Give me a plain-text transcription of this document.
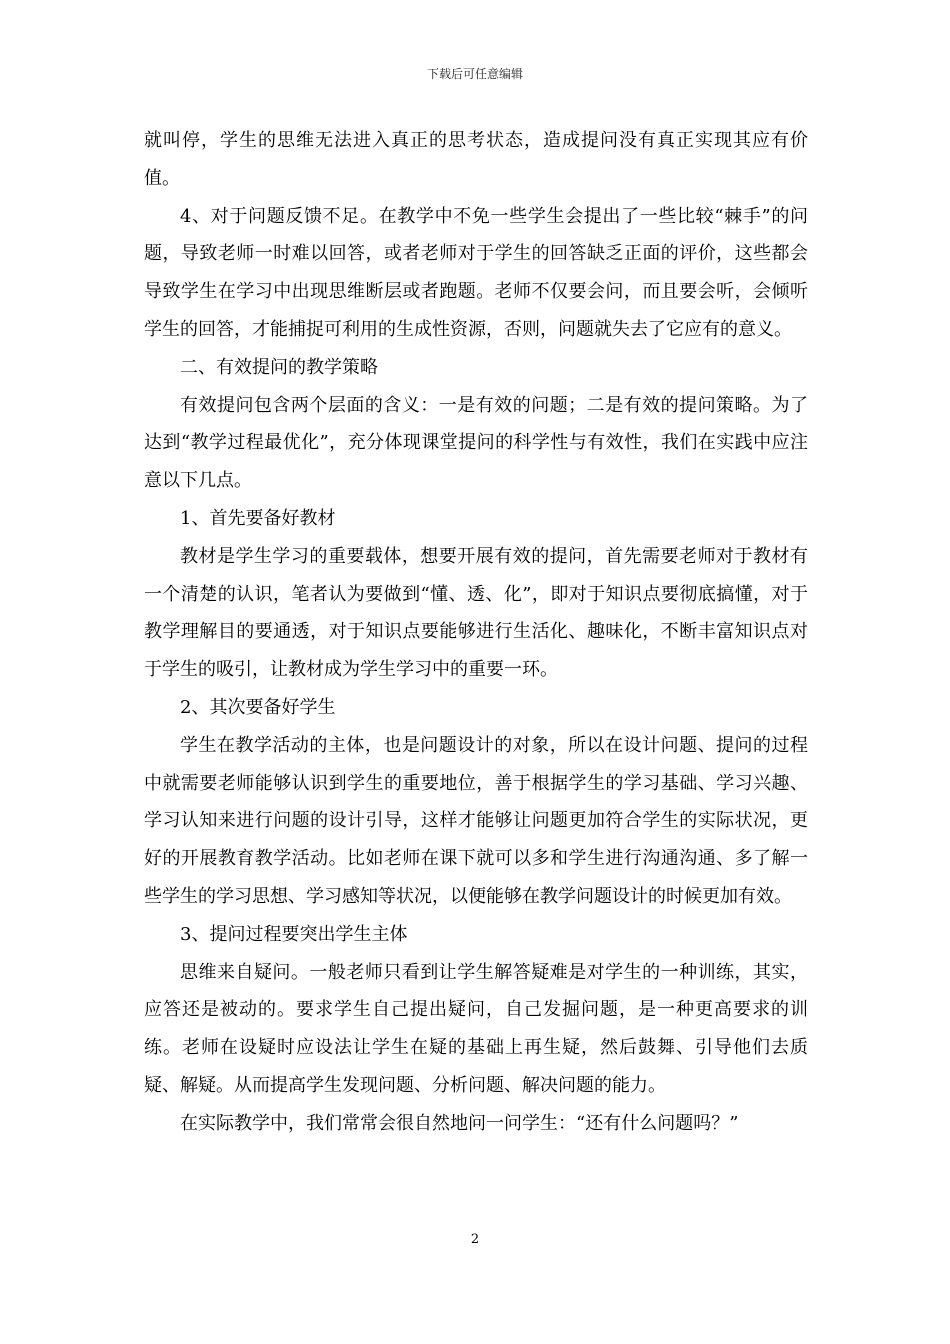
下载后可任意编辑

就叫停，学生的思维无法进入真正的思考状态，造成提问没有真正实现其应有价值。

4、对于问题反馈不足。在教学中不免一些学生会提出了一些比较“棘手”的问题，导致老师一时难以回答，或者老师对于学生的回答缺乏正面的评价，这些都会导致学生在学习中出现思维断层或者跑题。老师不仅要会问，而且要会听，会倾听学生的回答，才能捕捉可利用的生成性资源，否则，问题就失去了它应有的意义。

二、有效提问的教学策略

有效提问包含两个层面的含义：一是有效的问题；二是有效的提问策略。为了达到“教学过程最优化”，充分体现课堂提问的科学性与有效性，我们在实践中应注意以下几点。

1、首先要备好教材

教材是学生学习的重要载体，想要开展有效的提问，首先需要老师对于教材有一个清楚的认识，笔者认为要做到“懂、透、化”，即对于知识点要彻底搞懂，对于教学理解目的要通透，对于知识点要能够进行生活化、趣味化，不断丰富知识点对于学生的吸引，让教材成为学生学习中的重要一环。

2、其次要备好学生

学生在教学活动的主体，也是问题设计的对象，所以在设计问题、提问的过程中就需要老师能够认识到学生的重要地位，善于根据学生的学习基础、学习兴趣、学习认知来进行问题的设计引导，这样才能够让问题更加符合学生的实际状况，更好的开展教育教学活动。比如老师在课下就可以多和学生进行沟通沟通、多了解一些学生的学习思想、学习感知等状况，以便能够在教学问题设计的时候更加有效。

3、提问过程要突出学生主体

思维来自疑问。一般老师只看到让学生解答疑难是对学生的一种训练，其实，应答还是被动的。要求学生自己提出疑问，自己发掘问题，是一种更高要求的训练。老师在设疑时应设法让学生在疑的基础上再生疑，然后鼓舞、引导他们去质疑、解疑。从而提高学生发现问题、分析问题、解决问题的能力。

在实际教学中，我们常常会很自然地问一问学生：“还有什么问题吗？”

2
